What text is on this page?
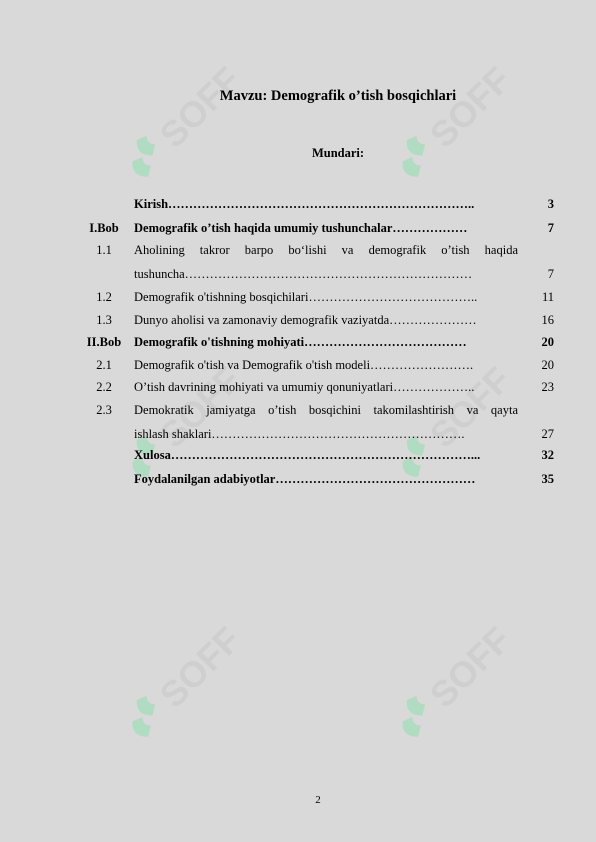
SOFF	SOFF
SOFF	SOFF
SOFF	SOFF
Mavzu: Demografik o’tish bosqichlari
Mundari:
Kirish………………………………………………………………..	3
I.Bob	Demografik o’tish haqida umumiy tushunchalar………………	7
1.1	Aholining takror barpo bo‘lishi va demografik o’tish haqida
tushuncha……………………………………………………………	7
1.2	Demografik o'tishning bosqichilari…………………………………..	11
1.3	Dunyo aholisi va zamonaviy demografik vaziyatda…………………	16
II.Bob	Demografik o'tishning mohiyati…………………………………	20
2.1	Demografik o'tish va Demografik o'tish modeli…………………….	20
2.2	O’tish davrining mohiyati va umumiy qonuniyatlari………………..	23
2.3	Demokratik jamiyatga o’tish bosqichini takomilashtirish va qayta
ishlash shaklari…………………………………………………….	27
Xulosa………………………………………………………………...	32
Foydalanilgan adabiyotlar…………………………………………	35
2
